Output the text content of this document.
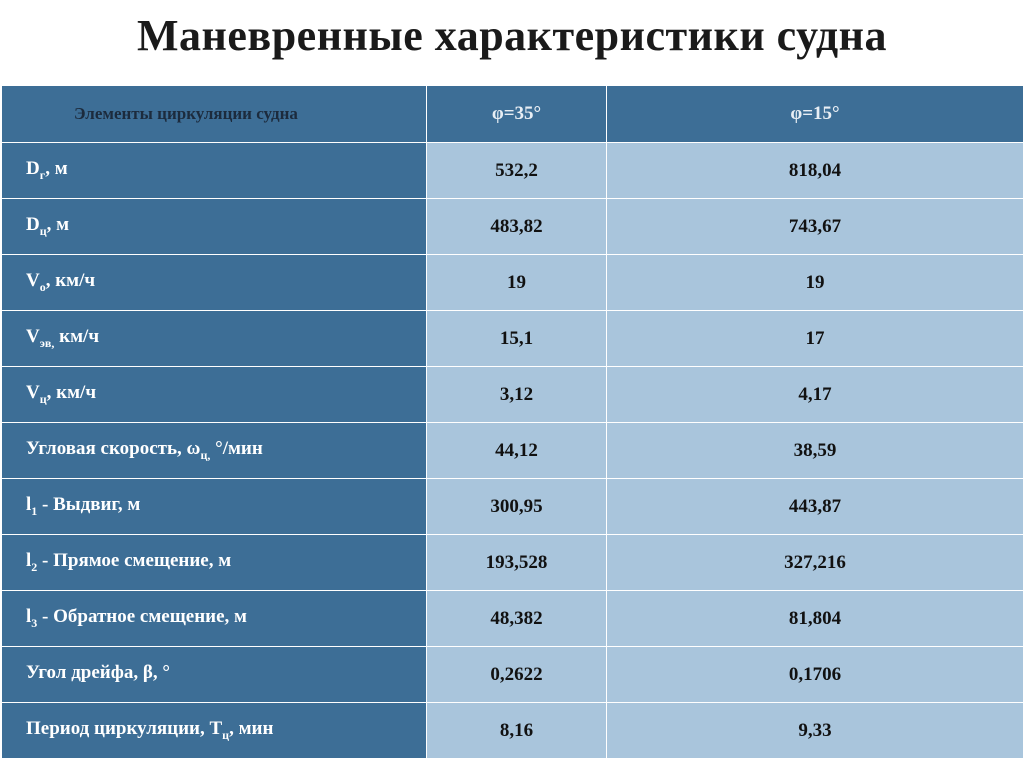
Маневренные характеристики судна
Элементы циркуляции судна	φ=35°	φ=15°
$D_г$, м	532,2	818,04
$D_ц$, м	483,82	743,67
$V_о$, км/ч	19	19
$V_{эв,}$ км/ч	15,1	17
$V_ц$, км/ч	3,12	4,17
Угловая скорость, $\omega_{ц,}$ °/мин	44,12	38,59
$l_1$ - Выдвиг, м	300,95	443,87
$l_2$ - Прямое смещение, м	193,528	327,216
$l_3$ - Обратное смещение, м	48,382	81,804
Угол дрейфа, β, °	0,2622	0,1706
Период циркуляции, $T_ц$, мин	8,16	9,33
